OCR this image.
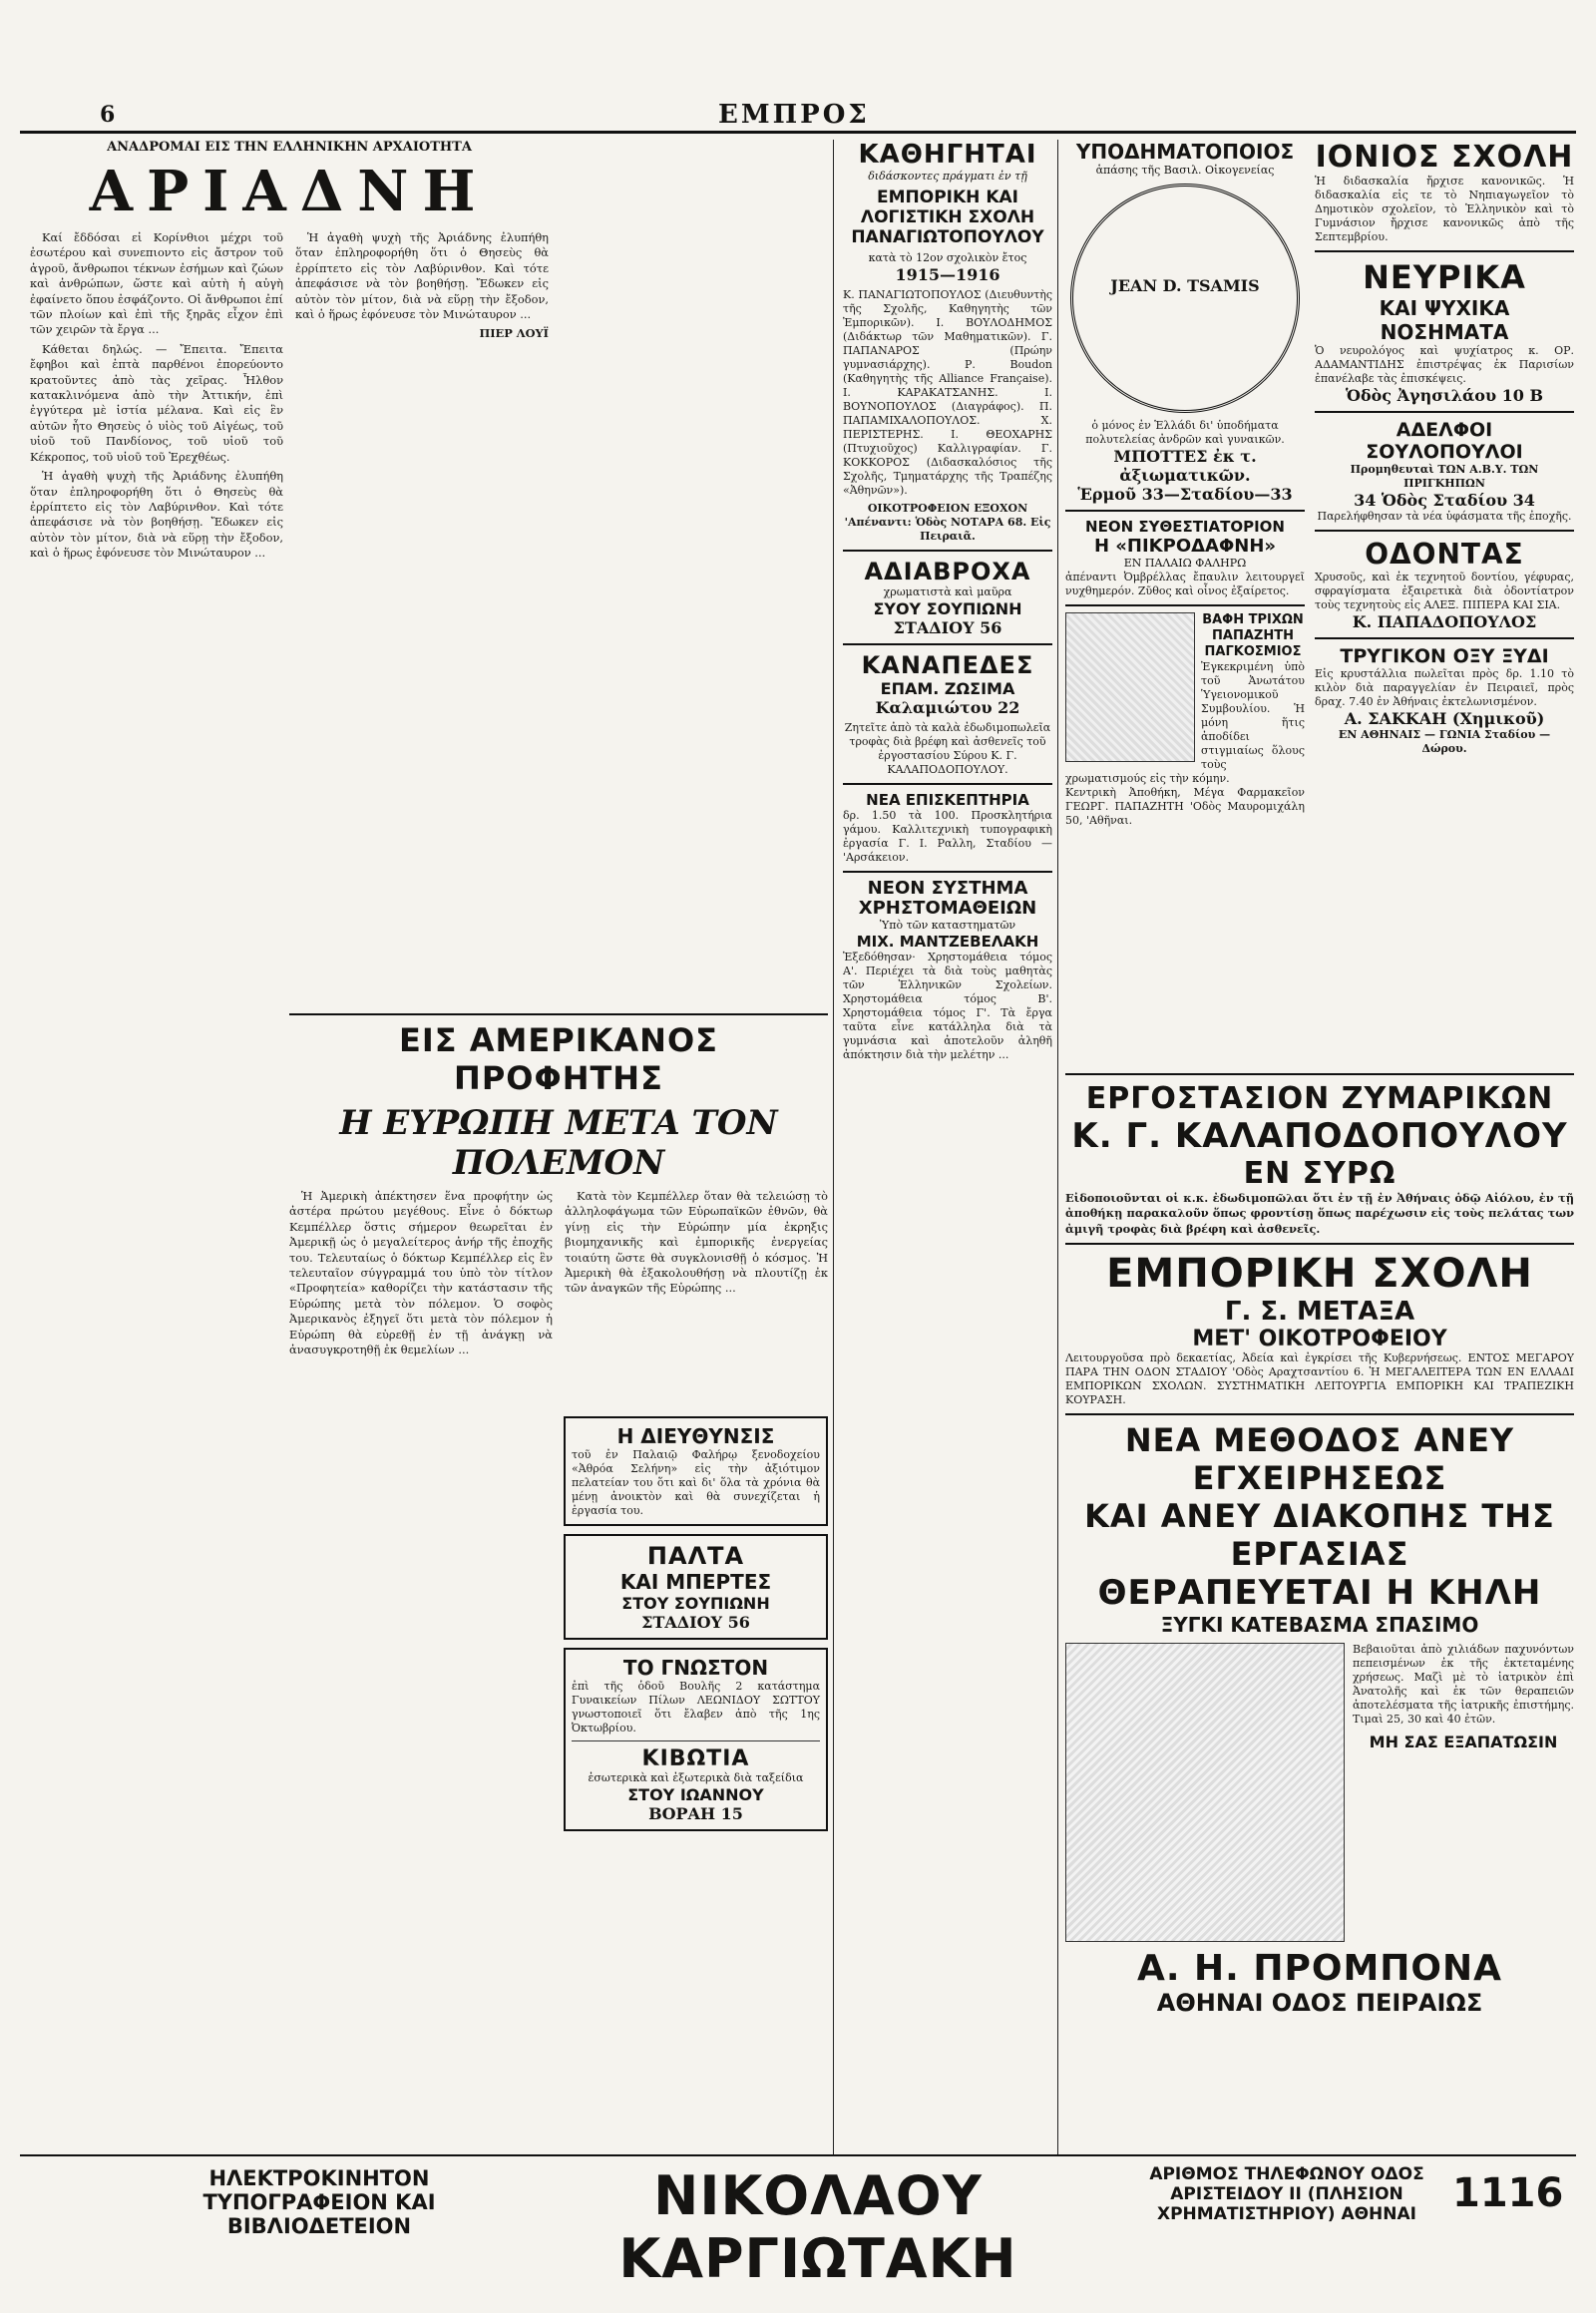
6	ΕΜΠΡΟΣ
ΑΝΑΔΡΟΜΑΙ ΕΙΣ ΤΗΝ ΕΛΛΗΝΙΚΗΝ ΑΡΧΑΙΟΤΗΤΑ
ΑΡΙΑΔΝΗ

Καί ἔδδόσαι εἰ Κορίνθιοι μέχρι τοῦ ἐσωτέρου καὶ συνεπιοντο εἰς ἄστρον τοῦ ἀγροῦ, ἄνθρωποι τέκνων ἐσήμων καὶ ζώων καὶ ἀνθρώπων, ὥστε καὶ αὐτὴ ἡ αὐγὴ ἐφαίνετο ὅπου ἐσφάζοντο. Οἱ ἄνθρωποι ἐπί τῶν πλοίων καὶ ἐπὶ τῆς ξηρᾶς εἶχον ἐπὶ τῶν χειρῶν τὰ ἔργα ...

Κάθεται δηλώς. — Ἔπειτα. Ἔπειτα ἔφηβοι καὶ ἑπτὰ παρθένοι ἐπορεύοντο κρατοῦντες ἀπὸ τὰς χεῖρας. Ἦλθον κατακλινόμενα ἀπὸ τὴν Ἀττικήν, ἐπὶ ἐγγύτερα μὲ ἱστία μέλανα. Καὶ εἰς ἓν αὐτῶν ἦτο Θησεὺς ὁ υἱὸς τοῦ Αἰγέως, τοῦ υἱοῦ τοῦ Πανδίονος, τοῦ υἱοῦ τοῦ Κέκροπος, τοῦ υἱοῦ τοῦ Ἐρεχθέως.

Ἡ ἀγαθὴ ψυχὴ τῆς Ἀριάδνης ἐλυπήθη ὅταν ἐπληροφορήθη ὅτι ὁ Θησεὺς θὰ ἐρρίπτετο εἰς τὸν Λαβύρινθον. Καὶ τότε ἀπεφάσισε νὰ τὸν βοηθήσῃ. Ἔδωκεν εἰς αὐτὸν τὸν μίτον, διὰ νὰ εὕρῃ τὴν ἔξοδον, καὶ ὁ ἥρως ἐφόνευσε τὸν Μινώταυρον ...

Ἡ ἀγαθὴ ψυχὴ τῆς Ἀριάδνης ἐλυπήθη ὅταν ἐπληροφορήθη ὅτι ὁ Θησεὺς θὰ ἐρρίπτετο εἰς τὸν Λαβύρινθον. Καὶ τότε ἀπεφάσισε νὰ τὸν βοηθήσῃ. Ἔδωκεν εἰς αὐτὸν τὸν μίτον, διὰ νὰ εὕρῃ τὴν ἔξοδον, καὶ ὁ ἥρως ἐφόνευσε τὸν Μινώταυρον ...

ΠΙΕΡ ΛΟΥΪ

ΕΙΣ ΑΜΕΡΙΚΑΝΟΣ ΠΡΟΦΗΤΗΣ
Η ΕΥΡΩΠΗ ΜΕΤΑ ΤΟΝ ΠΟΛΕΜΟΝ

Ἡ Ἀμερικὴ ἀπέκτησεν ἕνα προφήτην ὡς ἀστέρα πρώτου μεγέθους. Εἶνε ὁ δόκτωρ Κεμπέλλερ ὅστις σήμερον θεωρεῖται ἐν Ἀμερικῇ ὡς ὁ μεγαλείτερος ἀνήρ τῆς ἐποχῆς του. Τελευταίως ὁ δόκτωρ Κεμπέλλερ εἰς ἓν τελευταῖον σύγγραμμά του ὑπὸ τὸν τίτλον «Προφητεία» καθορίζει τὴν κατάστασιν τῆς Εὐρώπης μετὰ τὸν πόλεμον. Ὁ σοφὸς Ἀμερικανὸς ἐξηγεῖ ὅτι μετὰ τὸν πόλεμον ἡ Εὐρώπη θὰ εὑρεθῇ ἐν τῇ ἀνάγκῃ νὰ ἀνασυγκροτηθῇ ἐκ θεμελίων ...

Κατὰ τὸν Κεμπέλλερ ὅταν θὰ τελειώσῃ τὸ ἀλληλοφάγωμα τῶν Εὐρωπαϊκῶν ἐθνῶν, θὰ γίνῃ εἰς τὴν Εὐρώπην μία ἐκρηξις βιομηχανικῆς καὶ ἐμπορικῆς ἐνεργείας τοιαύτη ὥστε θὰ συγκλονισθῇ ὁ κόσμος. Ἡ Ἀμερικὴ θὰ ἐξακολουθήσῃ νὰ πλουτίζῃ ἐκ τῶν ἀναγκῶν τῆς Εὐρώπης ...

ΚΑΘΗΓΗΤΑΙ
διδάσκοντες πράγματι ἐν τῇ
ΕΜΠΟΡΙΚΗ ΚΑΙ ΛΟΓΙΣΤΙΚΗ ΣΧΟΛΗ ΠΑΝΑΓΙΩΤΟΠΟΥΛΟΥ
κατὰ τὸ 12ον σχολικὸν ἔτος
1915—1916
Κ. ΠΑΝΑΓΙΩΤΟΠΟΥΛΟΣ (Διευθυντὴς τῆς Σχολῆς, Καθηγητὴς τῶν Ἐμπορικῶν). Ι. ΒΟΥΛΟΔΗΜΟΣ (Διδάκτωρ τῶν Μαθηματικῶν). Γ. ΠΑΠΑΝΑΡΟΣ (Πρώην γυμνασιάρχης). Ρ. Boudon (Καθηγητὴς τῆς Alliance Française). Ι. ΚΑΡΑΚΑΤΣΑΝΗΣ. Ι. ΒΟΥΝΟΠΟΥΛΟΣ (Διαγράφος). Π. ΠΑΠΑΜΙΧΑΛΟΠΟΥΛΟΣ. Χ. ΠΕΡΙΣΤΕΡΗΣ. Ι. ΘΕΟΧΑΡΗΣ (Πτυχιοῦχος) Καλλιγραφίαν. Γ. ΚΟΚΚΟΡΟΣ (Διδασκαλόσιος τῆς Σχολῆς, Τμηματάρχης τῆς Τραπέζης «Ἀθηνῶν»).
ΟΙΚΟΤΡΟΦΕΙΟΝ ΕΞΟΧΟΝ 'Απέναντι: Ὁδὸς ΝΟΤΑΡΑ 68. Εἰς Πειραιᾶ.
ΑΔΙΑΒΡΟΧΑ
χρωματιστὰ καὶ μαῦρα
ΣΥΟΥ ΣΟΥΠΙΩΝΗ
ΣΤΑΔΙΟΥ 56
ΚΑΝΑΠΕΔΕΣ
ΕΠΑΜ. ΖΩΣΙΜΑ
Καλαμιώτου 22
Ζητεῖτε ἀπὸ τὰ καλὰ ἐδωδιμοπωλεῖα τροφὰς διὰ βρέφη καὶ ἀσθενεῖς τοῦ ἐργοστασίου Σύρου Κ. Γ. ΚΑΛΑΠΟΔΟΠΟΥΛΟΥ.
ΝΕΑ ΕΠΙΣΚΕΠΤΗΡΙΑ
δρ. 1.50 τὰ 100. Προσκλητήρια γάμου. Καλλιτεχνικὴ τυπογραφικὴ ἐργασία Γ. Ι. Ραλλη, Σταδίου — 'Αρσάκειον.
ΝΕΟΝ ΣΥΣΤΗΜΑ ΧΡΗΣΤΟΜΑΘΕΙΩΝ
Ὑπὸ τῶν καταστηματῶν
ΜΙΧ. ΜΑΝΤΖΕΒΕΛΑΚΗ
Ἐξεδόθησαν· Χρηστομάθεια τόμος Α'. Περιέχει τὰ διὰ τοὺς μαθητὰς τῶν Ἑλληνικῶν Σχολείων. Χρηστομάθεια τόμος Β'. Χρηστομάθεια τόμος Γ'. Τὰ ἔργα ταῦτα εἶνε κατάλληλα διὰ τὰ γυμνάσια καὶ ἀποτελοῦν ἀληθῆ ἀπόκτησιν διὰ τὴν μελέτην ...
Η ΔΙΕΥΘΥΝΣΙΣ
τοῦ ἐν Παλαιῷ Φαλήρῳ ξενοδοχείου «Ἀθρόα Σελήνη» εἰς τὴν ἀξιότιμον πελατείαν του ὅτι καὶ δι' ὅλα τὰ χρόνια θὰ μένῃ ἀνοικτὸν καὶ θὰ συνεχίζεται ἡ ἐργασία του.
ΠΑΛΤΑ
ΚΑΙ ΜΠΕΡΤΕΣ
ΣΤΟΥ ΣΟΥΠΙΩΝΗ
ΣΤΑΔΙΟΥ 56
ΤΟ ΓΝΩΣΤΟΝ
ἐπὶ τῆς ὁδοῦ Βουλῆς 2 κατάστημα Γυναικείων Πίλων ΛΕΩΝΙΔΟΥ ΣΩΤΤΟΥ γνωστοποιεῖ ὅτι ἔλαβεν ἀπὸ τῆς 1ης Ὀκτωβρίου.
ΚΙΒΩΤΙΑ
ἐσωτερικὰ καὶ ἐξωτερικὰ διὰ ταξείδια
ΣΤΟΥ ΙΩΑΝΝΟΥ
ΒΟΡΑΗ 15
ΥΠΟΔΗΜΑΤΟΠΟΙΟΣ
ἁπάσης τῆς Βασιλ. Οἰκογενείας
JEAN D. TSAMIS
ὁ μόνος ἐν Ἑλλάδι δι' ὑποδήματα πολυτελείας ἀνδρῶν καὶ γυναικῶν.
ΜΠΟΤΤΕΣ ἐκ τ. ἀξιωματικῶν.
Ἑρμοῦ 33—Σταδίου—33
ΝΕΟΝ ΣΥΘΕΣΤΙΑΤΟΡΙΟΝ
Η «ΠΙΚΡΟΔΑΦΝΗ»
ΕΝ ΠΑΛΑΙΩ ΦΑΛΗΡΩ
ἀπέναντι Ὀμβρέλλας ἔπαυλιν λειτουργεῖ νυχθημερόν. Ζῦθος καὶ οἶνος ἐξαίρετος.
ΒΑΦΗ ΤΡΙΧΩΝ ΠΑΠΑΖΗΤΗ ΠΑΓΚΟΣΜΙΟΣ
Ἐγκεκριμένη ὑπὸ τοῦ Ἀνωτάτου Ὑγειονομικοῦ Συμβουλίου. Ἡ μόνη ἥτις ἀποδίδει στιγμιαίως ὅλους τοὺς χρωματισμούς εἰς τὴν κόμην.
Κεντρικὴ Ἀποθήκη, Μέγα Φαρμακεῖον ΓΕΩΡΓ. ΠΑΠΑΖΗΤΗ 'Οδὸς Μαυρομιχάλη 50, 'Αθῆναι.
ΙΟΝΙΟΣ ΣΧΟΛΗ
Ἡ διδασκαλία ἤρχισε κανονικῶς. Ἡ διδασκαλία εἰς τε τὸ Νηπιαγωγεῖον τὸ Δημοτικὸν σχολεῖον, τὸ Ἑλληνικὸν καὶ τὸ Γυμνάσιον ἤρχισε κανονικῶς ἀπὸ τῆς Σεπτεμβρίου.
ΝΕΥΡΙΚΑ
ΚΑΙ ΨΥΧΙΚΑ ΝΟΣΗΜΑΤΑ
Ὁ νευρολόγος καὶ ψυχίατρος κ. ΟΡ. ΑΔΑΜΑΝΤΙΔΗΣ ἐπιστρέψας ἐκ Παρισίων ἐπανέλαβε τὰς ἐπισκέψεις.
Ὁδὸς Ἀγησιλάου 10 Β
ΑΔΕΛΦΟΙ ΣΟΥΛΟΠΟΥΛΟΙ
Προμηθευταὶ ΤΩΝ Α.Β.Υ. ΤΩΝ ΠΡΙΓΚΗΠΩΝ
34 Ὁδὸς Σταδίου 34
Παρελήφθησαν τὰ νέα ὑφάσματα τῆς ἐποχῆς.
ΟΔΟΝΤΑΣ
Χρυσοῦς, καὶ ἐκ τεχνητοῦ δοντίου, γέφυρας, σφραγίσματα ἐξαιρετικὰ διὰ ὀδοντίατρον τοὺς τεχνητοὺς εἰς ΑΛΕΞ. ΠΙΠΕΡΑ ΚΑΙ ΣΙΑ.
Κ. ΠΑΠΑΔΟΠΟΥΛΟΣ
ΤΡΥΓΙΚΟΝ ΟΞΥ ΞΥΔΙ
Εἰς κρυστάλλια πωλεῖται πρὸς δρ. 1.10 τὸ κιλὸν διὰ παραγγελίαν ἐν Πειραιεῖ, πρὸς δραχ. 7.40 ἐν Ἀθήναις ἐκτελωνισμένον.
Α. ΣΑΚΚΑΗ (Χημικοῦ)
ΕΝ ΑΘΗΝΑΙΣ — ΓΩΝΙΑ Σταδίου — Δώρου.
ΕΡΓΟΣΤΑΣΙΟΝ ΖΥΜΑΡΙΚΩΝ
Κ. Γ. ΚΑΛΑΠΟΔΟΠΟΥΛΟΥ
ΕΝ ΣΥΡΩ
Εἰδοποιοῦνται οἱ κ.κ. ἐδωδιμοπῶλαι ὅτι ἐν τῇ ἐν Ἀθήναις ὁδῷ Αἰόλου, ἐν τῇ ἀποθήκῃ παρακαλοῦν ὅπως φροντίσῃ ὅπως παρέχωσιν εἰς τοὺς πελάτας των ἀμιγῆ τροφὰς διὰ βρέφη καὶ ἀσθενεῖς.
ΕΜΠΟΡΙΚΗ ΣΧΟΛΗ
Γ. Σ. ΜΕΤΑΞΑ
ΜΕΤ' ΟΙΚΟΤΡΟΦΕΙΟΥ
Λειτουργοῦσα πρὸ δεκαετίας, Ἀδεία καὶ ἐγκρίσει τῆς Κυβερνήσεως. ΕΝΤΟΣ ΜΕΓΑΡΟΥ ΠΑΡΑ ΤΗΝ ΟΔΟΝ ΣΤΑΔΙΟΥ 'Οδὸς Αραχτσαντίου 6. Ἡ ΜΕΓΑΛΕΙΤΕΡΑ ΤΩΝ ΕΝ ΕΛΛΑΔΙ ΕΜΠΟΡΙΚΩΝ ΣΧΟΛΩΝ. ΣΥΣΤΗΜΑΤΙΚΗ ΛΕΙΤΟΥΡΓΙΑ ΕΜΠΟΡΙΚΗ ΚΑΙ ΤΡΑΠΕΖΙΚΗ ΚΟΥΡΑΣΗ.
ΝΕΑ ΜΕΘΟΔΟΣ ΑΝΕΥ ΕΓΧΕΙΡΗΣΕΩΣ
ΚΑΙ ΑΝΕΥ ΔΙΑΚΟΠΗΣ ΤΗΣ ΕΡΓΑΣΙΑΣ
ΘΕΡΑΠΕΥΕΤΑΙ Η ΚΗΛΗ
ΞΥΓΚΙ ΚΑΤΕΒΑΣΜΑ ΣΠΑΣΙΜΟ
Βεβαιοῦται ἀπὸ χιλιάδων παχυνόντων πεπεισμένων ἐκ τῆς ἐκτεταμένης χρήσεως. Μαζὶ μὲ τὸ ἰατρικὸν ἐπὶ Ἀνατολῆς καὶ ἐκ τῶν θεραπειῶν ἀποτελέσματα τῆς ἰατρικῆς ἐπιστήμης. Τιμαὶ 25, 30 καὶ 40 ἐτῶν.
ΜΗ ΣΑΣ ΕΞΑΠΑΤΩΣΙΝ
Α. Η. ΠΡΟΜΠΟΝΑ
ΑΘΗΝΑΙ ΟΔΟΣ ΠΕΙΡΑΙΩΣ
ΗΛΕΚΤΡΟΚΙΝΗΤΟΝ ΤΥΠΟΓΡΑΦΕΙΟΝ ΚΑΙ ΒΙΒΛΙΟΔΕΤΕΙΟΝ	ΝΙΚΟΛΑΟΥ ΚΑΡΓΙΩΤΑΚΗ
ΑΡΙΘΜΟΣ ΤΗΛΕΦΩΝΟΥ ΟΔΟΣ ΑΡΙΣΤΕΙΔΟΥ ΙΙ (ΠΛΗΣΙΟΝ ΧΡΗΜΑΤΙΣΤΗΡΙΟΥ) ΑΘΗΝΑΙ 1116
